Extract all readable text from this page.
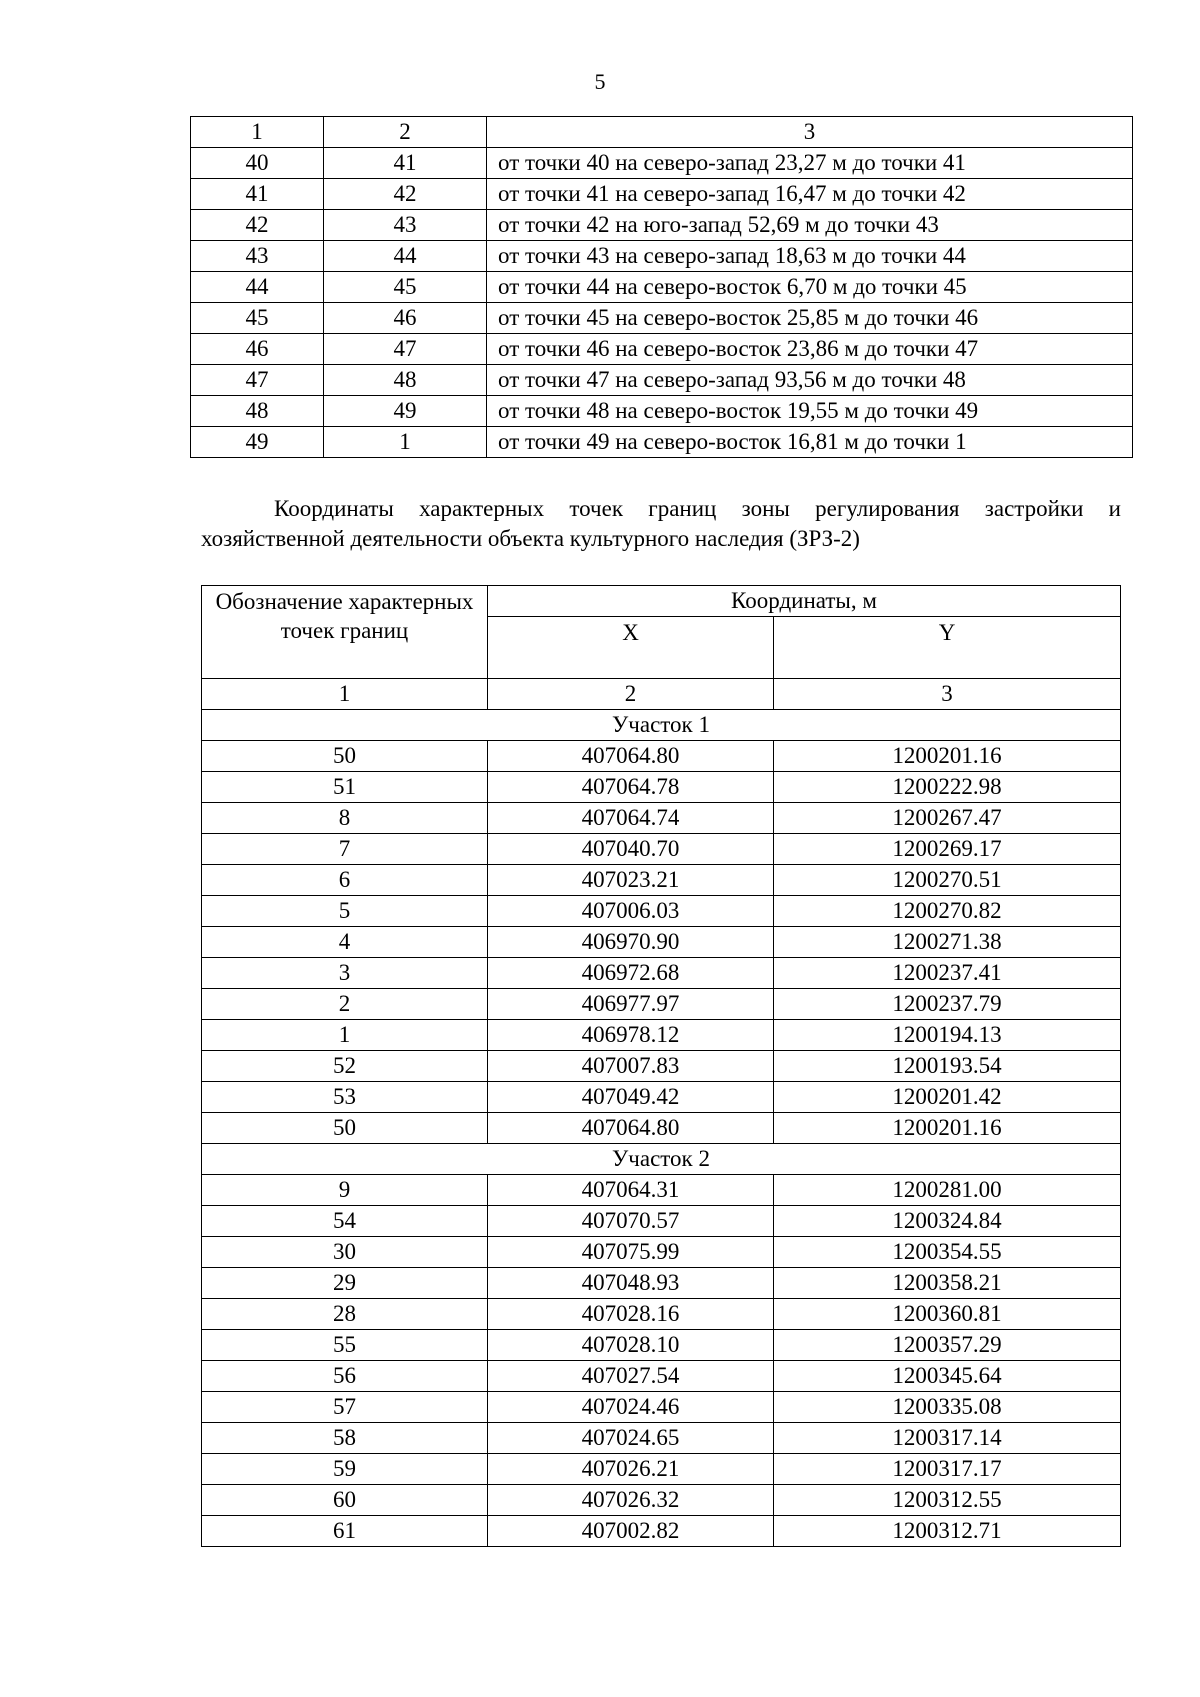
5
1	2	3
40	41	от точки 40 на северо-запад 23,27 м до точки 41
41	42	от точки 41 на северо-запад 16,47 м до точки 42
42	43	от точки 42 на юго-запад 52,69 м до точки 43
43	44	от точки 43 на северо-запад 18,63 м до точки 44
44	45	от точки 44 на северо-восток 6,70 м до точки 45
45	46	от точки 45 на северо-восток 25,85 м до точки 46
46	47	от точки 46 на северо-восток 23,86 м до точки 47
47	48	от точки 47 на северо-запад 93,56 м до точки 48
48	49	от точки 48 на северо-восток 19,55 м до точки 49
49	1	от точки 49 на северо-восток 16,81 м до точки 1
Координаты характерных точек границ зоны регулирования застройки и хозяйственной деятельности объекта культурного наследия (ЗРЗ-2)
Обозначение характерных точек границ	Координаты, м	
	X	Y
1	2	3
Участок 1		
50	407064.80	1200201.16
51	407064.78	1200222.98
8	407064.74	1200267.47
7	407040.70	1200269.17
6	407023.21	1200270.51
5	407006.03	1200270.82
4	406970.90	1200271.38
3	406972.68	1200237.41
2	406977.97	1200237.79
1	406978.12	1200194.13
52	407007.83	1200193.54
53	407049.42	1200201.42
50	407064.80	1200201.16
Участок 2		
9	407064.31	1200281.00
54	407070.57	1200324.84
30	407075.99	1200354.55
29	407048.93	1200358.21
28	407028.16	1200360.81
55	407028.10	1200357.29
56	407027.54	1200345.64
57	407024.46	1200335.08
58	407024.65	1200317.14
59	407026.21	1200317.17
60	407026.32	1200312.55
61	407002.82	1200312.71
